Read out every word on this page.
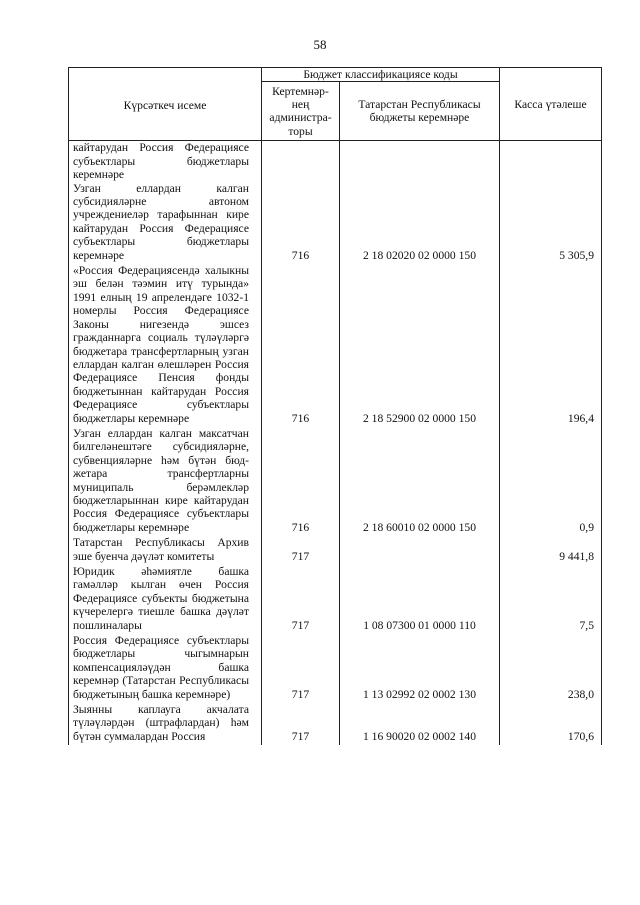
58
Күрсәткеч исеме	Бюджет классификациясе коды		Касса үтәлеше
	Кертемнәр-нең администра-торы	Татарстан Республикасы бюджеты керемнәре	
кайтарудан Россия Федерациясе субъектлары бюджетлары керемнәре			
Узган еллардан калган субсидияләрне автоном учреждениеләр тарафыннан кире кайтарудан Россия Федерациясе субъектлары бюджетлары керемнәре	716	2 18 02020 02 0000 150	5 305,9
«Россия Федерациясендә халыкны эш белән тәэмин итү турында» 1991 елның 19 апрелендәге 1032-1 номерлы Россия Федерациясе Законы нигезендә эшсез гражданнарга социаль түләүләргә бюджетара трансфертларның узган еллардан калган өлешләрен Россия Федерациясе Пенсия фонды бюджетыннан кайтарудан Россия Федерациясе субъектлары бюджетлары керемнәре	716	2 18 52900 02 0000 150	196,4
Узган еллардан калган максатчан билгеләнештәге субсидияләрне, субвенцияләрне һәм бүтән бюд-жетара трансфертларны муниципаль берәмлекләр бюджетларыннан кире кайтарудан Россия Федерациясе субъектлары бюджетлары керемнәре	716	2 18 60010 02 0000 150	0,9
Татарстан Республикасы Архив эше буенча дәүләт комитеты	717		9 441,8
Юридик әһәмиятле башка гамәлләр кылган өчен Россия Федерациясе субъекты бюджетына күчерелергә тиешле башка дәүләт пошлиналары	717	1 08 07300 01 0000 110	7,5
Россия Федерациясе субъектлары бюджетлары чыгымнарын компенсацияләүдән башка керемнәр (Татарстан Республикасы бюджетының башка керемнәре)	717	1 13 02992 02 0002 130	238,0
Зыянны каплауга акчалата түләүләрдән (штрафлардан) һәм бүтән суммалардан Россия	717	1 16 90020 02 0002 140	170,6
